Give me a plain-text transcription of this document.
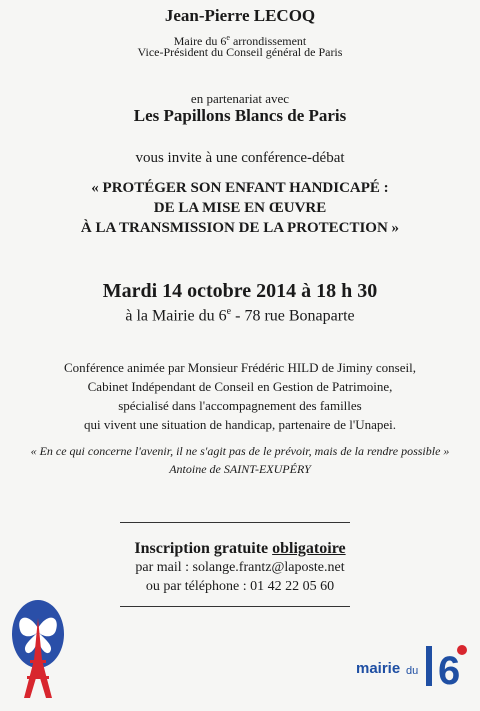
Jean-Pierre LECOQ
Maire du 6e arrondissement
Vice-Président du Conseil général de Paris
en partenariat avec
Les Papillons Blancs de Paris
vous invite à une conférence-débat
« PROTÉGER SON ENFANT HANDICAPÉ :
DE LA MISE EN ŒUVRE
À LA TRANSMISSION DE LA PROTECTION »
Mardi 14 octobre 2014 à 18 h 30
à la Mairie du 6e - 78 rue Bonaparte
Conférence animée par Monsieur Frédéric HILD de Jiminy conseil,
Cabinet Indépendant de Conseil en Gestion de Patrimoine,
spécialisé dans l'accompagnement des familles
qui vivent une situation de handicap, partenaire de l'Unapei.
« En ce qui concerne l'avenir, il ne s'agit pas de le prévoir, mais de la rendre possible »
Antoine de SAINT-EXUPÉRY
Inscription gratuite obligatoire
par mail : solange.frantz@laposte.net
ou par téléphone : 01 42 22 05 60
mairie du 6
